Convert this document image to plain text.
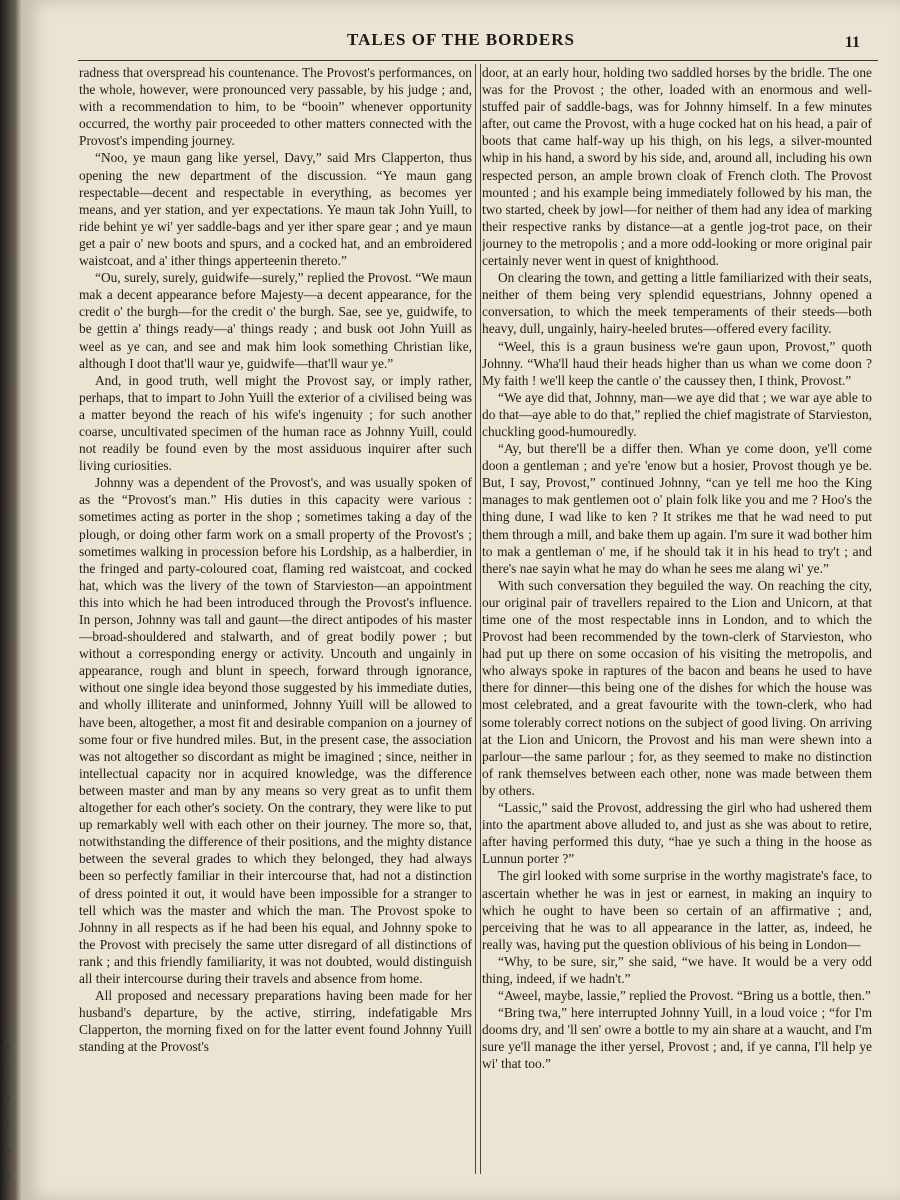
e
t
s
i
s
e
TALES OF THE BORDERS	11

radness that overspread his countenance. The Provost's performances, on the whole, however, were pronounced very passable, by his judge ; and, with a recommendation to him, to be “booin” whenever opportunity occurred, the worthy pair proceeded to other matters connected with the Provost's impending journey.

“Noo, ye maun gang like yersel, Davy,” said Mrs Clapperton, thus opening the new department of the discussion. “Ye maun gang respectable—decent and respectable in everything, as becomes yer means, and yer station, and yer expectations. Ye maun tak John Yuill, to ride behint ye wi' yer saddle-bags and yer ither spare gear ; and ye maun get a pair o' new boots and spurs, and a cocked hat, and an embroidered waistcoat, and a' ither things apperteenin thereto.”

“Ou, surely, surely, guidwife—surely,” replied the Provost. “We maun mak a decent appearance before Majesty—a decent appearance, for the credit o' the burgh—for the credit o' the burgh. Sae, see ye, guidwife, to be gettin a' things ready—a' things ready ; and busk oot John Yuill as weel as ye can, and see and mak him look something Christian like, although I doot that'll waur ye, guidwife—that'll waur ye.”

And, in good truth, well might the Provost say, or imply rather, perhaps, that to impart to John Yuill the exterior of a civilised being was a matter beyond the reach of his wife's ingenuity ; for such another coarse, uncultivated specimen of the human race as Johnny Yuill, could not readily be found even by the most assiduous inquirer after such living curiosities.

Johnny was a dependent of the Provost's, and was usually spoken of as the “Provost's man.” His duties in this capacity were various : sometimes acting as porter in the shop ; sometimes taking a day of the plough, or doing other farm work on a small property of the Provost's ; sometimes walking in procession before his Lordship, as a halberdier, in the fringed and party-coloured coat, flaming red waistcoat, and cocked hat, which was the livery of the town of Starvieston—an appointment this into which he had been introduced through the Provost's influence. In person, Johnny was tall and gaunt—the direct antipodes of his master—broad-shouldered and stalwarth, and of great bodily power ; but without a corresponding energy or activity. Uncouth and ungainly in appearance, rough and blunt in speech, forward through ignorance, without one single idea beyond those suggested by his immediate duties, and wholly illiterate and uninformed, Johnny Yuill will be allowed to have been, altogether, a most fit and desirable companion on a journey of some four or five hundred miles. But, in the present case, the association was not altogether so discordant as might be imagined ; since, neither in intellectual capacity nor in acquired knowledge, was the difference between master and man by any means so very great as to unfit them altogether for each other's society. On the contrary, they were like to put up remarkably well with each other on their journey. The more so, that, notwithstanding the difference of their positions, and the mighty distance between the several grades to which they belonged, they had always been so perfectly familiar in their intercourse that, had not a distinction of dress pointed it out, it would have been impossible for a stranger to tell which was the master and which the man. The Provost spoke to Johnny in all respects as if he had been his equal, and Johnny spoke to the Provost with precisely the same utter disregard of all distinctions of rank ; and this friendly familiarity, it was not doubted, would distinguish all their intercourse during their travels and absence from home.

All proposed and necessary preparations having been made for her husband's departure, by the active, stirring, indefatigable Mrs Clapperton, the morning fixed on for the latter event found Johnny Yuill standing at the Provost's

door, at an early hour, holding two saddled horses by the bridle. The one was for the Provost ; the other, loaded with an enormous and well-stuffed pair of saddle-bags, was for Johnny himself. In a few minutes after, out came the Provost, with a huge cocked hat on his head, a pair of boots that came half-way up his thigh, on his legs, a silver-mounted whip in his hand, a sword by his side, and, around all, including his own respected person, an ample brown cloak of French cloth. The Provost mounted ; and his example being immediately followed by his man, the two started, cheek by jowl—for neither of them had any idea of marking their respective ranks by distance—at a gentle jog-trot pace, on their journey to the metropolis ; and a more odd-looking or more original pair certainly never went in quest of knighthood.

On clearing the town, and getting a little familiarized with their seats, neither of them being very splendid equestrians, Johnny opened a conversation, to which the meek temperaments of their steeds—both heavy, dull, ungainly, hairy-heeled brutes—offered every facility.

“Weel, this is a graun business we're gaun upon, Provost,” quoth Johnny. “Wha'll haud their heads higher than us whan we come doon ? My faith ! we'll keep the cantle o' the caussey then, I think, Provost.”

“We aye did that, Johnny, man—we aye did that ; we war aye able to do that—aye able to do that,” replied the chief magistrate of Starvieston, chuckling good-humouredly.

“Ay, but there'll be a differ then. Whan ye come doon, ye'll come doon a gentleman ; and ye're 'enow but a hosier, Provost though ye be. But, I say, Provost,” continued Johnny, “can ye tell me hoo the King manages to mak gentlemen oot o' plain folk like you and me ? Hoo's the thing dune, I wad like to ken ? It strikes me that he wad need to put them through a mill, and bake them up again. I'm sure it wad bother him to mak a gentleman o' me, if he should tak it in his head to try't ; and there's nae sayin what he may do whan he sees me alang wi' ye.”

With such conversation they beguiled the way. On reaching the city, our original pair of travellers repaired to the Lion and Unicorn, at that time one of the most respectable inns in London, and to which the Provost had been recommended by the town-clerk of Starvieston, who had put up there on some occasion of his visiting the metropolis, and who always spoke in raptures of the bacon and beans he used to have there for dinner—this being one of the dishes for which the house was most celebrated, and a great favourite with the town-clerk, who had some tolerably correct notions on the subject of good living. On arriving at the Lion and Unicorn, the Provost and his man were shewn into a parlour—the same parlour ; for, as they seemed to make no distinction of rank themselves between each other, none was made between them by others.

“Lassic,” said the Provost, addressing the girl who had ushered them into the apartment above alluded to, and just as she was about to retire, after having performed this duty, “hae ye such a thing in the hoose as Lunnun porter ?”

The girl looked with some surprise in the worthy magistrate's face, to ascertain whether he was in jest or earnest, in making an inquiry to which he ought to have been so certain of an affirmative ; and, perceiving that he was to all appearance in the latter, as, indeed, he really was, having put the question oblivious of his being in London—

“Why, to be sure, sir,” she said, “we have. It would be a very odd thing, indeed, if we hadn't.”

“Aweel, maybe, lassie,” replied the Provost. “Bring us a bottle, then.”

“Bring twa,” here interrupted Johnny Yuill, in a loud voice ; “for I'm dooms dry, and 'll sen' owre a bottle to my ain share at a waucht, and I'm sure ye'll manage the ither yersel, Provost ; and, if ye canna, I'll help ye wi' that too.”
